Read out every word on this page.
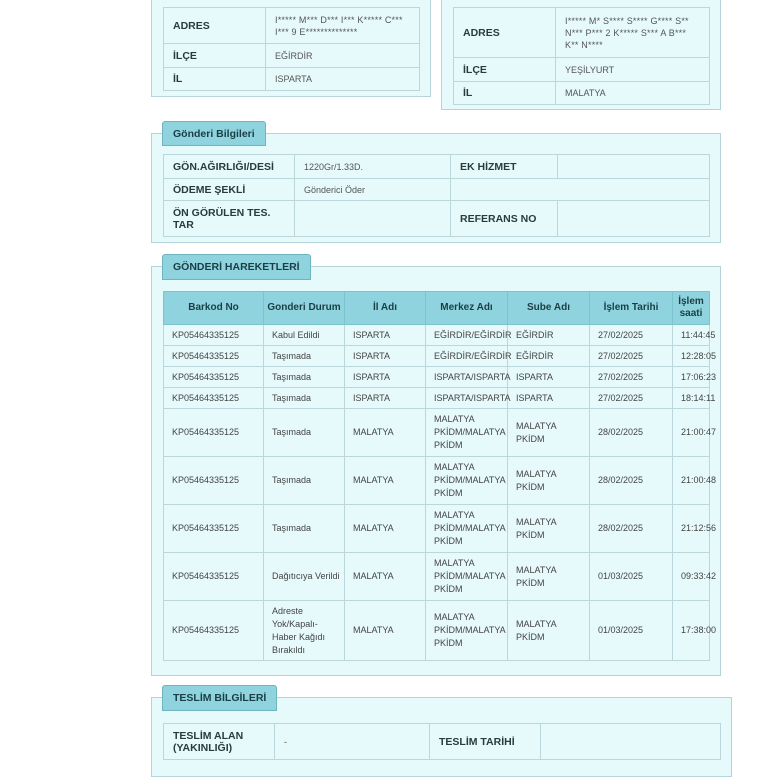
ADRES	I***** M*** D*** I*** K***** C*** I*** 9 E**************
İLÇE	EĞİRDİR
İL	ISPARTA
ADRES	I***** M* S**** S**** G**** S** N*** P*** 2 K***** S*** A B*** K** N****
İLÇE	YEŞİLYURT
İL	MALATYA
GÖN.AĞIRLIĞI/DESİ	1220Gr/1.33D.	EK HİZMET	
ÖDEME ŞEKLİ	Gönderici Öder		
ÖN GÖRÜLEN TES. TAR		REFERANS NO	
Gönderi Bilgileri
Barkod No	Gonderi Durum	İl Adı	Merkez Adı	Sube Adı	İşlem Tarihi	İşlem saati
KP05464335125	Kabul Edildi	ISPARTA	EĞİRDİR/EĞİRDİR	EĞİRDİR	27/02/2025	11:44:45
KP05464335125	Taşımada	ISPARTA	EĞİRDİR/EĞİRDİR	EĞİRDİR	27/02/2025	12:28:05
KP05464335125	Taşımada	ISPARTA	ISPARTA/ISPARTA	ISPARTA	27/02/2025	17:06:23
KP05464335125	Taşımada	ISPARTA	ISPARTA/ISPARTA	ISPARTA	27/02/2025	18:14:11
KP05464335125	Taşımada	MALATYA	MALATYA PKİDM/MALATYA PKİDM	MALATYA PKİDM	28/02/2025	21:00:47
KP05464335125	Taşımada	MALATYA	MALATYA PKİDM/MALATYA PKİDM	MALATYA PKİDM	28/02/2025	21:00:48
KP05464335125	Taşımada	MALATYA	MALATYA PKİDM/MALATYA PKİDM	MALATYA PKİDM	28/02/2025	21:12:56
KP05464335125	Dağıtıcıya Verildi	MALATYA	MALATYA PKİDM/MALATYA PKİDM	MALATYA PKİDM	01/03/2025	09:33:42
KP05464335125	Adreste Yok/Kapalı-Haber Kağıdı Bırakıldı	MALATYA	MALATYA PKİDM/MALATYA PKİDM	MALATYA PKİDM	01/03/2025	17:38:00
GÖNDERİ HAREKETLERİ
TESLİM ALAN (YAKINLIĞI)	-	TESLİM TARİHİ	
TESLİM BİLGİLERİ
